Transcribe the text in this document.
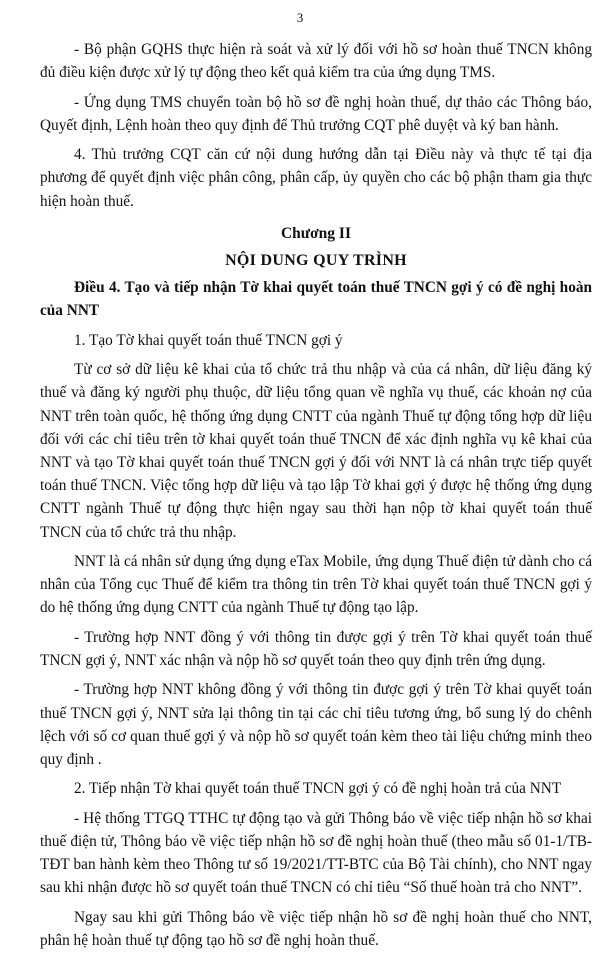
3

- Bộ phận GQHS thực hiện rà soát và xử lý đối với hồ sơ hoàn thuế TNCN không đủ điều kiện được xử lý tự động theo kết quả kiểm tra của ứng dụng TMS.

- Ứng dụng TMS chuyển toàn bộ hồ sơ đề nghị hoàn thuế, dự thảo các Thông báo, Quyết định, Lệnh hoàn theo quy định để Thủ trưởng CQT phê duyệt và ký ban hành.

4. Thủ trưởng CQT căn cứ nội dung hướng dẫn tại Điều này và thực tế tại địa phương để quyết định việc phân công, phân cấp, ủy quyền cho các bộ phận tham gia thực hiện hoàn thuế.

Chương II
NỘI DUNG QUY TRÌNH

Điều 4. Tạo và tiếp nhận Tờ khai quyết toán thuế TNCN gợi ý có đề nghị hoàn của NNT

1. Tạo Tờ khai quyết toán thuế TNCN gợi ý

Từ cơ sở dữ liệu kê khai của tổ chức trả thu nhập và của cá nhân, dữ liệu đăng ký thuế và đăng ký người phụ thuộc, dữ liệu tổng quan về nghĩa vụ thuế, các khoản nợ của NNT trên toàn quốc, hệ thống ứng dụng CNTT của ngành Thuế tự động tổng hợp dữ liệu đối với các chỉ tiêu trên tờ khai quyết toán thuế TNCN để xác định nghĩa vụ kê khai của NNT và tạo Tờ khai quyết toán thuế TNCN gợi ý đối với NNT là cá nhân trực tiếp quyết toán thuế TNCN. Việc tổng hợp dữ liệu và tạo lập Tờ khai gợi ý được hệ thống ứng dụng CNTT ngành Thuế tự động thực hiện ngay sau thời hạn nộp tờ khai quyết toán thuế TNCN của tổ chức trả thu nhập.

NNT là cá nhân sử dụng ứng dụng eTax Mobile, ứng dụng Thuế điện tử dành cho cá nhân của Tổng cục Thuế để kiểm tra thông tin trên Tờ khai quyết toán thuế TNCN gợi ý do hệ thống ứng dụng CNTT của ngành Thuế tự động tạo lập.

- Trường hợp NNT đồng ý với thông tin được gợi ý trên Tờ khai quyết toán thuế TNCN gợi ý, NNT xác nhận và nộp hồ sơ quyết toán theo quy định trên ứng dụng.

- Trường hợp NNT không đồng ý với thông tin được gợi ý trên Tờ khai quyết toán thuế TNCN gợi ý, NNT sửa lại thông tin tại các chỉ tiêu tương ứng, bổ sung lý do chênh lệch với số cơ quan thuế gợi ý và nộp hồ sơ quyết toán kèm theo tài liệu chứng minh theo quy định .

2. Tiếp nhận Tờ khai quyết toán thuế TNCN gợi ý có đề nghị hoàn trả của NNT

- Hệ thống TTGQ TTHC tự động tạo và gửi Thông báo về việc tiếp nhận hồ sơ khai thuế điện tử, Thông báo về việc tiếp nhận hồ sơ đề nghị hoàn thuế (theo mẫu số 01-1/TB-TĐT ban hành kèm theo Thông tư số 19/2021/TT-BTC của Bộ Tài chính), cho NNT ngay sau khi nhận được hồ sơ quyết toán thuế TNCN có chỉ tiêu “Số thuế hoàn trả cho NNT”.

Ngay sau khi gửi Thông báo về việc tiếp nhận hồ sơ đề nghị hoàn thuế cho NNT, phân hệ hoàn thuế tự động tạo hồ sơ đề nghị hoàn thuế.
